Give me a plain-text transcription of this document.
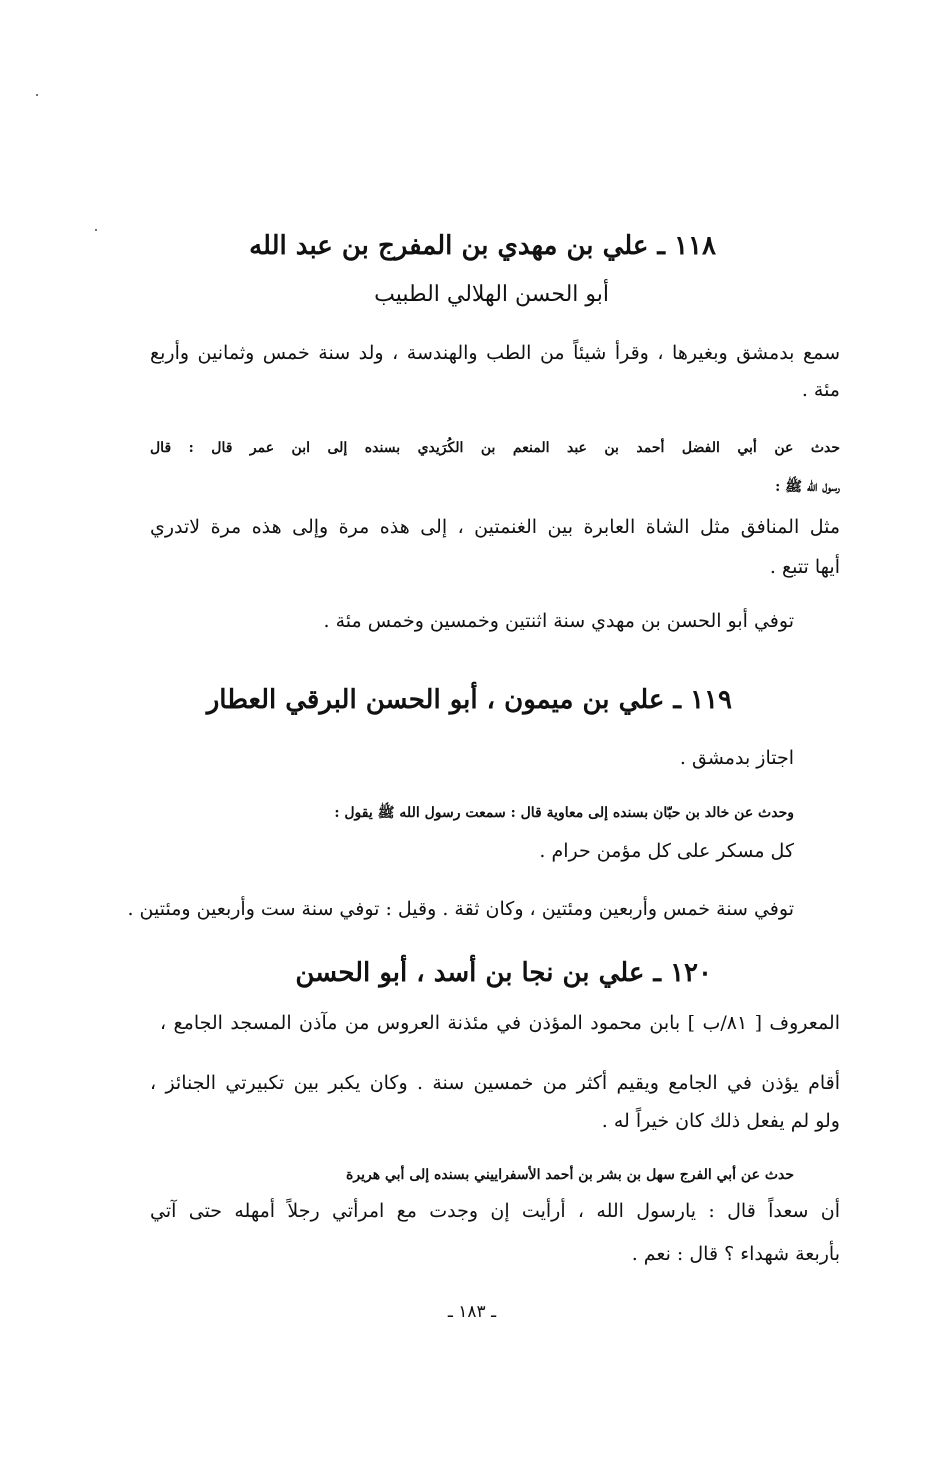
١١٨ ـ علي بن مهدي بن المفرج بن عبد الله
أبو الحسن الهلالي الطبيب
سمع بدمشق وبغيرها ، وقرأ شيئاً من الطب والهندسة ، ولد سنة خمس وثمانين وأربع
مئة .
حدث عن أبي الفضل أحمد بن عبد المنعم بن الكُرَيدي بسنده إلى ابن عمر قال : قال
رسول الله ﷺ :
مثل المنافق مثل الشاة العابرة بين الغنمتين ، إلى هذه مرة وإلى هذه مرة لاتدري
أيها تتبع .
توفي أبو الحسن بن مهدي سنة اثنتين وخمسين وخمس مئة .
١١٩ ـ علي بن ميمون ، أبو الحسن البرقي العطار
اجتاز بدمشق .
وحدث عن خالد بن حبّان بسنده إلى معاوية قال : سمعت رسول الله ﷺ يقول :
كل مسكر على كل مؤمن حرام .
توفي سنة خمس وأربعين ومئتين ، وكان ثقة . وقيل : توفي سنة ست وأربعين ومئتين .
١٢٠ ـ علي بن نجا بن أسد ، أبو الحسن
المعروف [ ٨١/ب ] بابن محمود المؤذن في مئذنة العروس من مآذن المسجد الجامع ،
أقام يؤذن في الجامع ويقيم أكثر من خمسين سنة . وكان يكبر بين تكبيرتي الجنائز ،
ولو لم يفعل ذلك كان خيراً له .
حدث عن أبي الفرج سهل بن بشر بن أحمد الأسفراييني بسنده إلى أبي هريرة
أن سعداً قال : يارسول الله ، أرأيت إن وجدت مع امرأتي رجلاً أمهله حتى آتي
بأربعة شهداء ؟ قال : نعم .
ـ ١٨٣ ـ
